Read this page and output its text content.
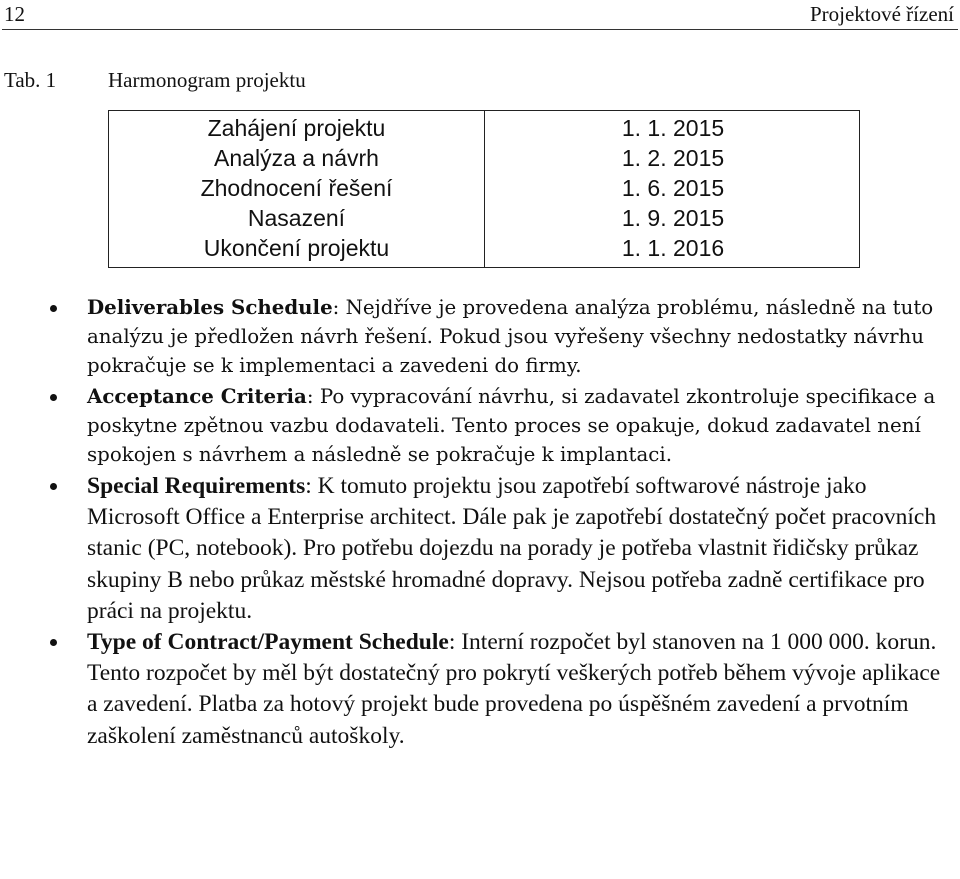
12	Projektové řízení
Tab. 1 Harmonogram projektu
Zahájení projektu	1. 1. 2015
Analýza a návrh	1. 2. 2015
Zhodnocení řešení	1. 6. 2015
Nasazení	1. 9. 2015
Ukončení projektu	1. 1. 2016
Deliverables Schedule: Nejdříve je provedena analýza problému, následně na tuto analýzu je předložen návrh řešení. Pokud jsou vyřešeny všechny nedostatky návrhu pokračuje se k implementaci a zavedeni do firmy.
Acceptance Criteria: Po vypracování návrhu, si zadavatel zkontroluje specifikace a poskytne zpětnou vazbu dodavateli. Tento proces se opakuje, dokud zadavatel není spokojen s návrhem a následně se pokračuje k implantaci.
Special Requirements: K tomuto projektu jsou zapotřebí softwarové nástroje jako Microsoft Office a Enterprise architect. Dále pak je zapotřebí dostatečný počet pracovních stanic (PC, notebook). Pro potřebu dojezdu na porady je potřeba vlastnit řidičsky průkaz skupiny B nebo průkaz městské hromadné dopravy. Nejsou potřeba zadně certifikace pro práci na projektu.
Type of Contract/Payment Schedule: Interní rozpočet byl stanoven na 1 000 000. korun. Tento rozpočet by měl být dostatečný pro pokrytí veškerých potřeb během vývoje aplikace a zavedení. Platba za hotový projekt bude provedena po úspěšném zavedení a prvotním zaškolení zaměstnanců autoškoly.
